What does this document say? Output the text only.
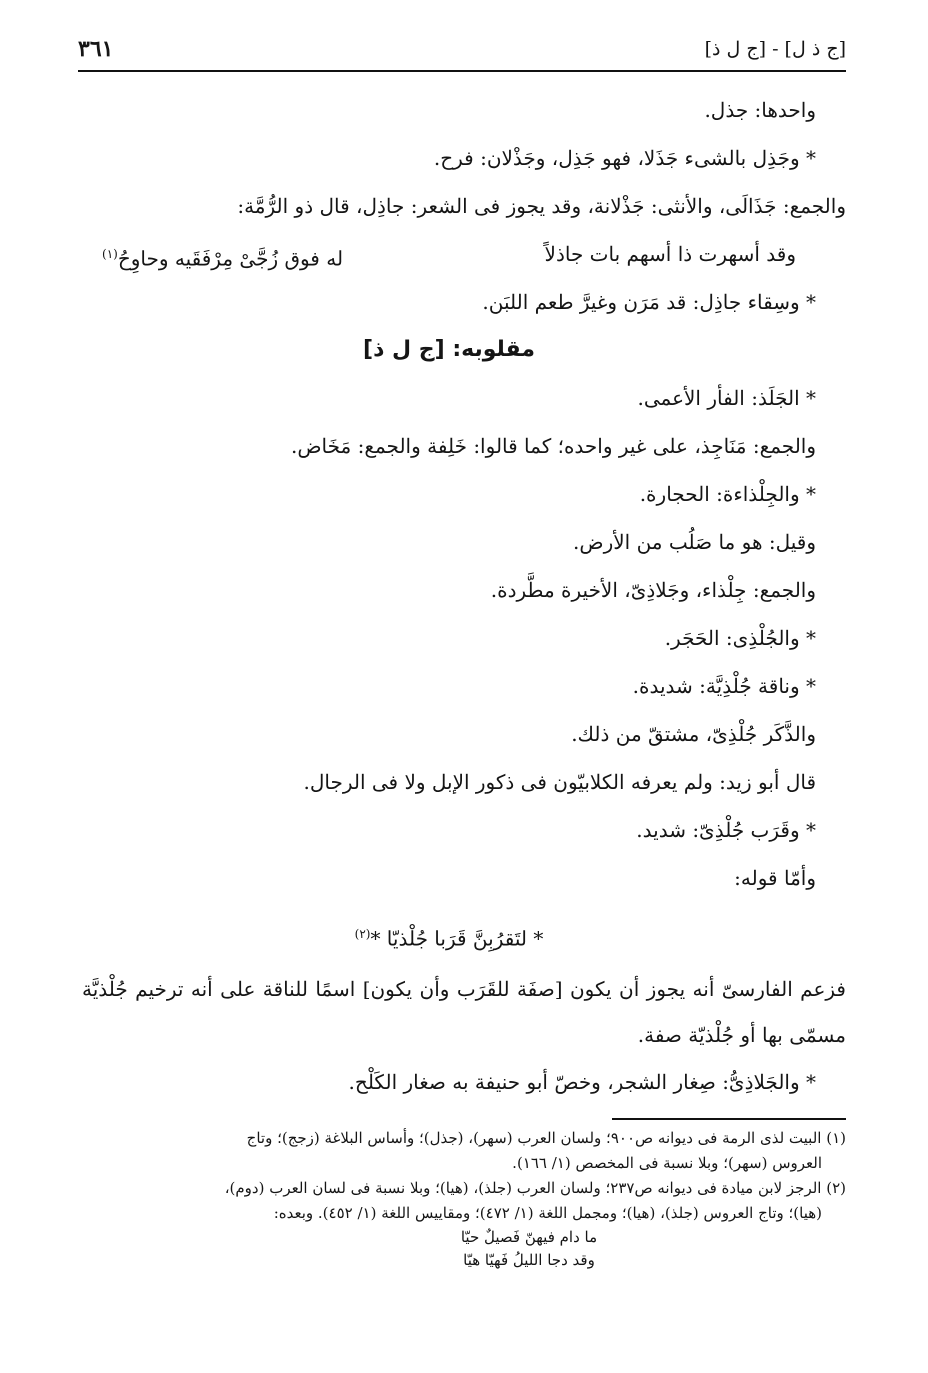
[ج ذ ل] - [ج ل ذ]
٣٦١
واحدها: جذل.
* وجَذِل بالشىء جَذَلا، فهو جَذِل، وجَذْلان: فرح.
والجمع: جَذَالَى، والأنثى: جَذْلانة، وقد يجوز فى الشعر: جاذِل، قال ذو الرُّمَّة:
وقد أسهرت ذا أسهم بات جاذلاً
له فوق زُجَّىْ مِرْفَقَيه وحاوِحُ$^{(١)}$
* وسِقاء جاذِل: قد مَرَن وغيرَّ طعم اللبَن.
مقلوبه: [ج ل ذ]
* الجَلَذ: الفأر الأعمى.
والجمع: مَنَاجِذ، على غير واحده؛ كما قالوا: خَلِفة والجمع: مَخَاض.
* والجِلْذاءة: الحجارة.
وقيل: هو ما صَلُب من الأرض.
والجمع: جِلْذاء، وجَلاذِىّ، الأخيرة مطَّردة.
* والجُلْذِى: الحَجَر.
* وناقة جُلْذِيَّة: شديدة.
والذَّكَر جُلْذِىّ، مشتقّ من ذلك.
قال أبو زيد: ولم يعرفه الكلابيّون فى ذكور الإبل ولا فى الرجال.
* وقَرَب جُلْذِىّ: شديد.
وأمّا قوله:
* لتَقرُبِنَّ قَرَبا جُلْذيّا *$^{(٢)}$
فزعم الفارسىّ أنه يجوز أن يكون [صفَة للقَرَب وأن يكون] اسمًا للناقة على أنه ترخيم جُلْذيَّة مسمّى بها أو جُلْذيّة صفة.
* والجَلاذِىُّ: صِغار الشجر، وخصّ أبو حنيفة به صغار الكَلْح.
(١) البيت لذى الرمة فى ديوانه ص٩٠٠؛ ولسان العرب (سهر)، (جذل)؛ وأساس البلاغة (زجج)؛ وتاج
العروس (سهر)؛ وبلا نسبة فى المخصص (١/ ١٦٦).
(٢) الرجز لابن ميادة فى ديوانه ص٢٣٧؛ ولسان العرب (جلذ)، (هيا)؛ وبلا نسبة فى لسان العرب (دوم)،
(هيا)؛ وتاج العروس (جلذ)، (هيا)؛ ومجمل اللغة (١/ ٤٧٢)؛ ومقاييس اللغة (١/ ٤٥٢). وبعده:
ما دام فيهنّ فَصيلٌ حيّا
وقد دجا الليلُ فَهيّا هيّا
